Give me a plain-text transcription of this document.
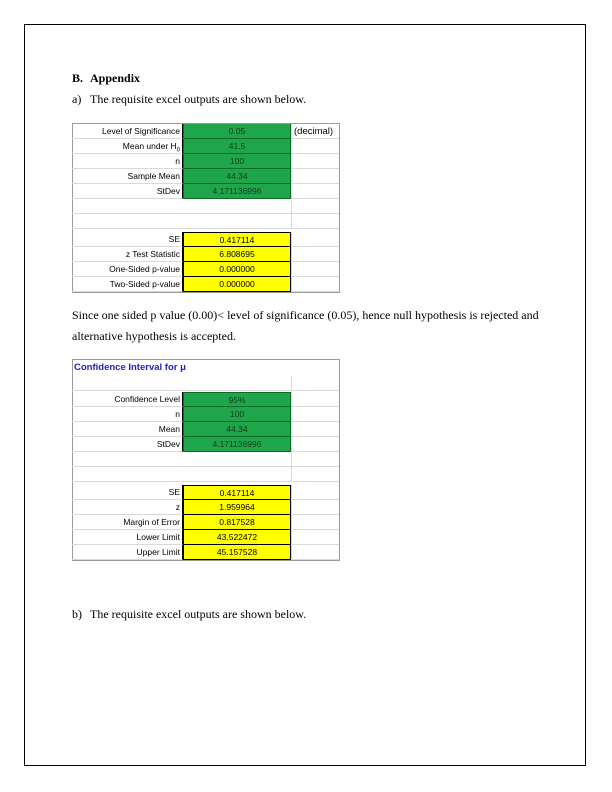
B. Appendix
a) The requisite excel outputs are shown below.
Level of Significance	0.05	(decimal)
Mean under $H_0$	41.5
n	100
Sample Mean	44.34
StDev	4.171136996
SE	0.417114
z Test Statistic	6.808695
One-Sided p-value	0.000000
Two-Sided p-value	0.000000
Since one sided p value (0.00)< level of significance (0.05), hence null hypothesis is rejected and alternative hypothesis is accepted.
Confidence Interval for μ
Confidence Level	95%
n	100
Mean	44.34
StDev	4.171136996
SE	0.417114
z	1.959964
Margin of Error	0.817528
Lower Limit	43.522472
Upper Limit	45.157528
b) The requisite excel outputs are shown below.
